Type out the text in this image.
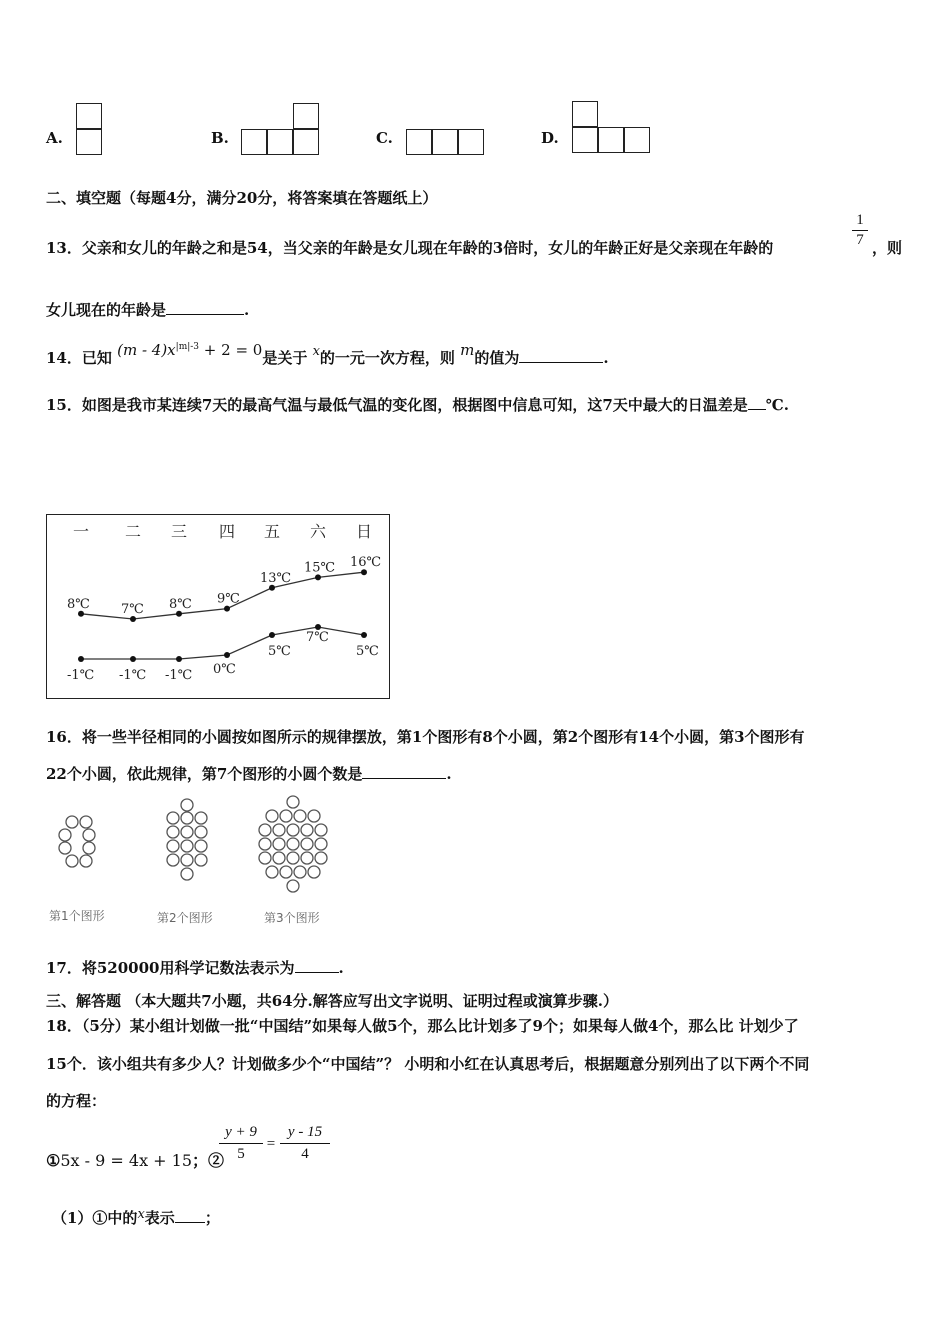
A.	B.	C.	D.
二、填空题（每题4分，满分20分，将答案填在答题纸上）
13．父亲和女儿的年龄之和是54，当父亲的年龄是女儿现在年龄的3倍时，女儿的年龄正好是父亲现在年龄的
1
7 ，则
女儿现在的年龄是	.
14．已知 $(m - 4)x^{|m|-3} + 2 = 0$是关于 x的一元一次方程，则 m的值为	.
15．如图是我市某连续7天的最高气温与最低气温的变化图，根据图中信息可知，这7天中最大的日温差是 ℃.
一 二 三 四 五 六 日
8℃ 7℃ 8℃ 9℃
13℃
15℃ 16℃
-1℃ -1℃ -1℃ 0℃
5℃
7℃
5℃
16．将一些半径相同的小圆按如图所示的规律摆放，第1个图形有8个小圆，第2个图形有14个小圆，第3个图形有
22个小圆，依此规律，第7个图形的小圆个数是	.
第1个图形	第2个图形	第3个图形
17．将520000用科学记数法表示为	.
三、解答题 （本大题共7小题，共64分.解答应写出文字说明、证明过程或演算步骤.）
18．（5分）某小组计划做一批“中国结”如果每人做5个，那么比计划多了9个；如果每人做4个，那么比 计划少了
15个．该小组共有多少人？计划做多少个“中国结”？ 小明和小红在认真思考后，根据题意分别列出了以下两个不同
的方程：
①5x - 9 = 4x + 15；②
y + 9
5
=
y - 15
4
（1）①中的x表示 ；
